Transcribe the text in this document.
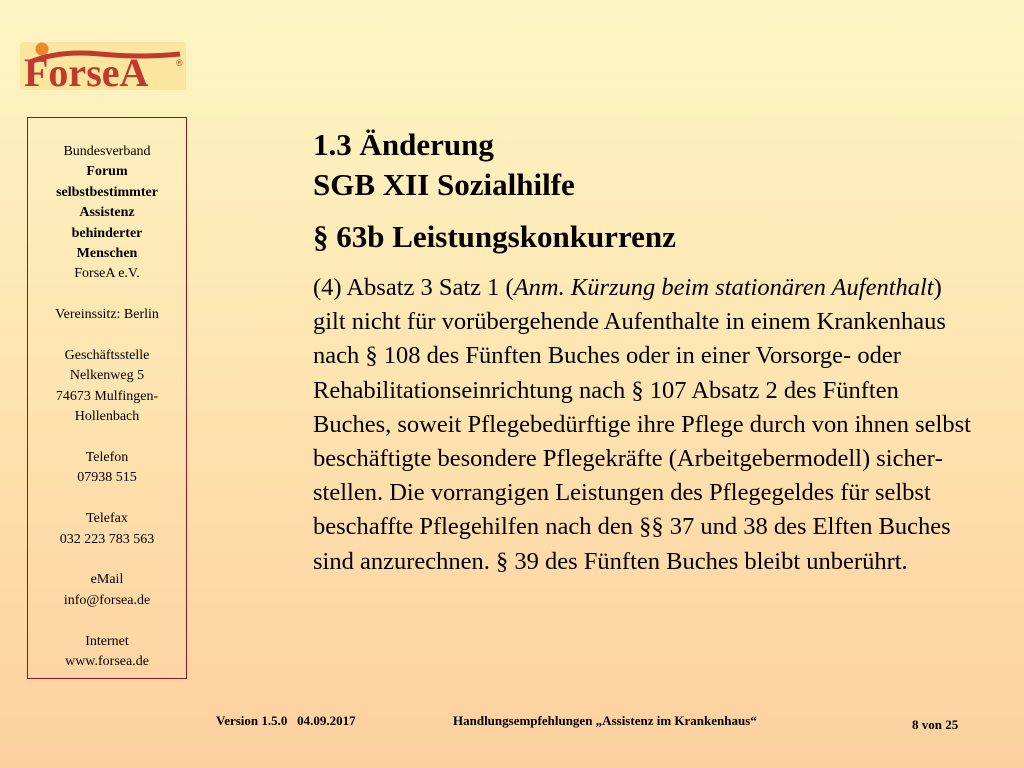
ForseA	®
Bundesverband
Forum
selbstbestimmter
Assistenz
behinderter
Menschen
ForseA e.V.
Vereinssitz: Berlin
Geschäftsstelle
Nelkenweg 5
74673 Mulfingen-
Hollenbach
Telefon
07938 515
Telefax
032 223 783 563
eMail
info@forsea.de
Internet
www.forsea.de
1.3 Änderung
SGB XII Sozialhilfe
§ 63b Leistungskonkurrenz

(4) Absatz 3 Satz 1 (Anm. Kürzung beim stationären Aufenthalt) gilt nicht für vorübergehende Aufenthalte in einem Krankenhaus nach § 108 des Fünften Buches oder in einer Vorsorge- oder Rehabilitationseinrichtung nach § 107 Absatz 2 des Fünften Buches, soweit Pflegebedürftige ihre Pflege durch von ihnen selbst beschäftigte besondere Pflegekräfte (Arbeitgebermodell) sicherstellen. Die vorrangigen Leistungen des Pflegegeldes für selbst beschaffte Pflegehilfen nach den §§ 37 und 38 des Elften Buches sind anzurechnen. § 39 des Fünften Buches bleibt unberührt.

Version 1.5.0 04.09.2017	Handlungsempfehlungen „Assistenz im Krankenhaus“	8 von 25
